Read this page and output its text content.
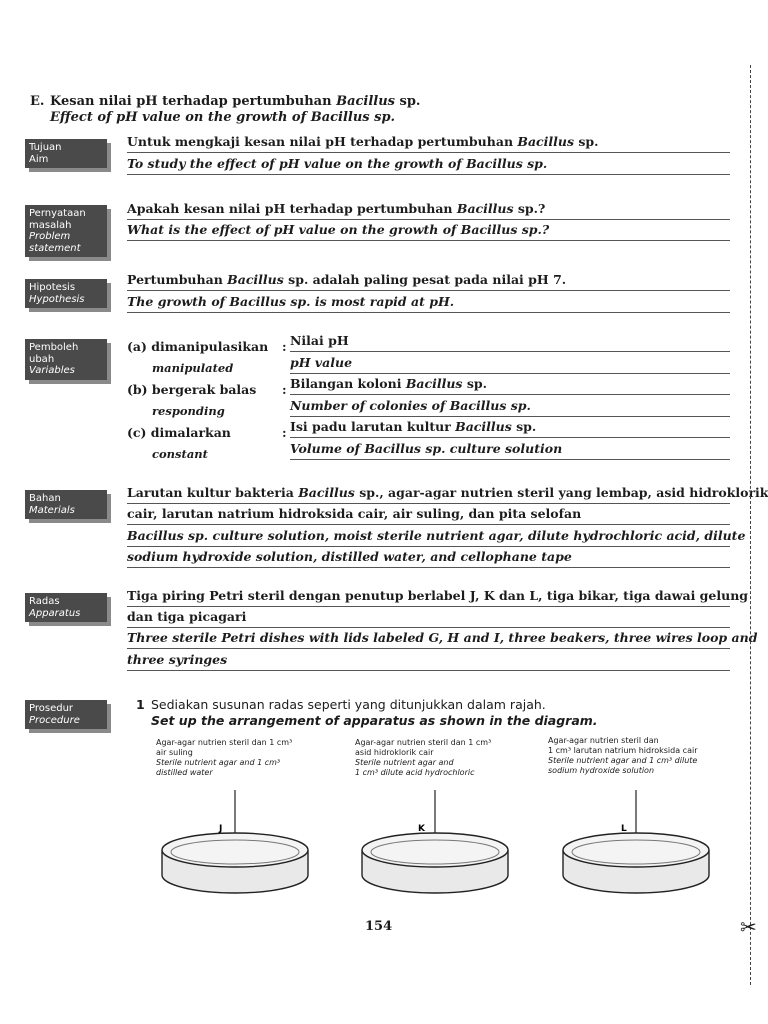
E. Kesan nilai pH terhadap pertumbuhan Bacillus sp.
Effect of pH value on the growth of Bacillus sp.
Tujuan
Aim
Untuk mengkaji kesan nilai pH terhadap pertumbuhan Bacillus sp.
To study the effect of pH value on the growth of Bacillus sp.
Pernyataan
masalah
Problem
statement
Apakah kesan nilai pH terhadap pertumbuhan Bacillus sp.?
What is the effect of pH value on the growth of Bacillus sp.?
Hipotesis
Hypothesis
Pertumbuhan Bacillus sp. adalah paling pesat pada nilai pH 7.
The growth of Bacillus sp. is most rapid at pH.
Pemboleh
ubah
Variables
(a) dimanipulasikan
manipulated
: Nilai pH
pH value
(b) bergerak balas
responding
: Bilangan koloni Bacillus sp.
Number of colonies of Bacillus sp.
(c) dimalarkan
constant
: Isi padu larutan kultur Bacillus sp.
Volume of Bacillus sp. culture solution
Bahan
Materials
Larutan kultur bakteria Bacillus sp., agar-agar nutrien steril yang lembap, asid hidroklorik
cair, larutan natrium hidroksida cair, air suling, dan pita selofan
Bacillus sp. culture solution, moist sterile nutrient agar, dilute hydrochloric acid, dilute
sodium hydroxide solution, distilled water, and cellophane tape
Radas
Apparatus
Tiga piring Petri steril dengan penutup berlabel J, K dan L, tiga bikar, tiga dawai gelung
dan tiga picagari
Three sterile Petri dishes with lids labeled G, H and I, three beakers, three wires loop and
three syringes
Prosedur
Procedure
1 Sediakan susunan radas seperti yang ditunjukkan dalam rajah.
Set up the arrangement of apparatus as shown in the diagram.
Agar-agar nutrien steril dan 1 cm³
air suling
Sterile nutrient agar and 1 cm³
distilled water
Agar-agar nutrien steril dan 1 cm³
asid hidroklorik cair
Sterile nutrient agar and
1 cm³ dilute acid hydrochloric
Agar-agar nutrien steril dan
1 cm³ larutan natrium hidroksida cair
Sterile nutrient agar and 1 cm³ dilute
sodium hydroxide solution
J	K	L
154	✂
